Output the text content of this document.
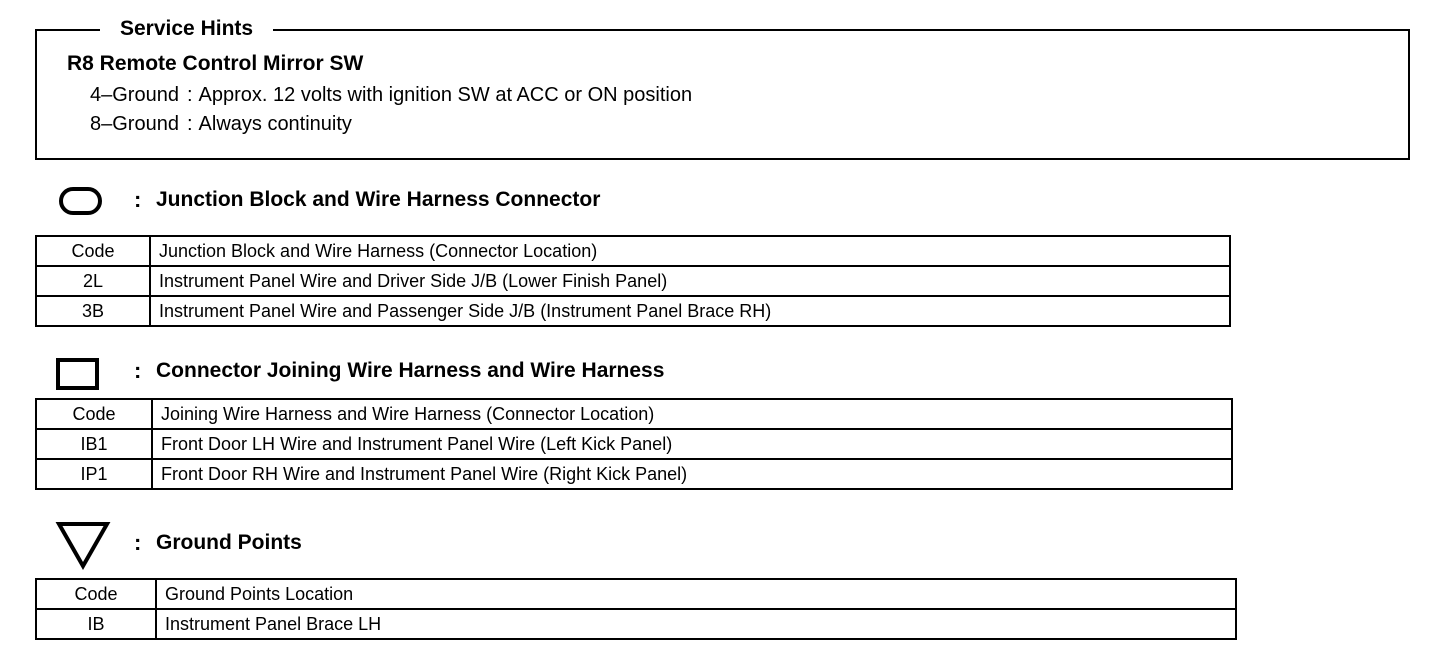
Service Hints
R8 Remote Control Mirror SW
4–Ground : Approx. 12 volts with ignition SW at ACC or ON position
8–Ground : Always continuity
: Junction Block and Wire Harness Connector
Code	Junction Block and Wire Harness (Connector Location)
2L	Instrument Panel Wire and Driver Side J/B (Lower Finish Panel)
3B	Instrument Panel Wire and Passenger Side J/B (Instrument Panel Brace RH)
: Connector Joining Wire Harness and Wire Harness
Code	Joining Wire Harness and Wire Harness (Connector Location)
IB1	Front Door LH Wire and Instrument Panel Wire (Left Kick Panel)
IP1	Front Door RH Wire and Instrument Panel Wire (Right Kick Panel)
: Ground Points
Code	Ground Points Location
IB	Instrument Panel Brace LH
